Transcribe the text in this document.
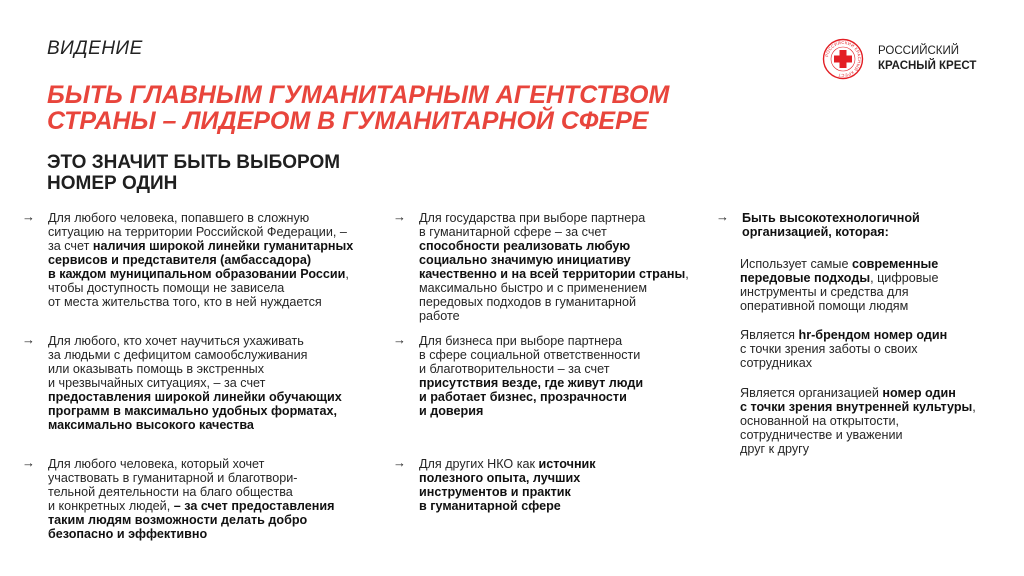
ВИДЕНИЕ
БЫТЬ ГЛАВНЫМ ГУМАНИТАРНЫМ АГЕНТСТВОМ
СТРАНЫ – ЛИДЕРОМ В ГУМАНИТАРНОЙ СФЕРЕ
ЭТО ЗНАЧИТ БЫТЬ ВЫБОРОМ
НОМЕР ОДИН
РОССИЙСКИЙ КРАСНЫЙ КРЕСТ
РОССИЙСКИЙ
КРАСНЫЙ КРЕСТ
→ Для любого человека, попавшего в сложную
ситуацию на территории Российской Федерации, –
за счет наличия широкой линейки гуманитарных
сервисов и представителя (амбассадора)
в каждом муниципальном образовании России,
чтобы доступность помощи не зависела
от места жительства того, кто в ней нуждается
→ Для любого, кто хочет научиться ухаживать
за людьми с дефицитом самообслуживания
или оказывать помощь в экстренных
и чрезвычайных ситуациях, – за счет
предоставления широкой линейки обучающих
программ в максимально удобных форматах,
максимально высокого качества
→ Для любого человека, который хочет
участвовать в гуманитарной и благотвори-
тельной деятельности на благо общества
и конкретных людей, – за счет предоставления
таким людям возможности делать добро
безопасно и эффективно
→ Для государства при выборе партнера
в гуманитарной сфере – за счет
способности реализовать любую
социально значимую инициативу
качественно и на всей территории страны,
максимально быстро и с применением
передовых подходов в гуманитарной
работе
→ Для бизнеса при выборе партнера
в сфере социальной ответственности
и благотворительности – за счет
присутствия везде, где живут люди
и работает бизнес, прозрачности
и доверия
→ Для других НКО как источник
полезного опыта, лучших
инструментов и практик
в гуманитарной сфере
→ Быть высокотехнологичной
организацией, которая:
Использует самые современные
передовые подходы, цифровые
инструменты и средства для
оперативной помощи людям
Является hr-брендом номер один
с точки зрения заботы о своих
сотрудниках
Является организацией номер один
с точки зрения внутренней культуры,
основанной на открытости,
сотрудничестве и уважении
друг к другу
